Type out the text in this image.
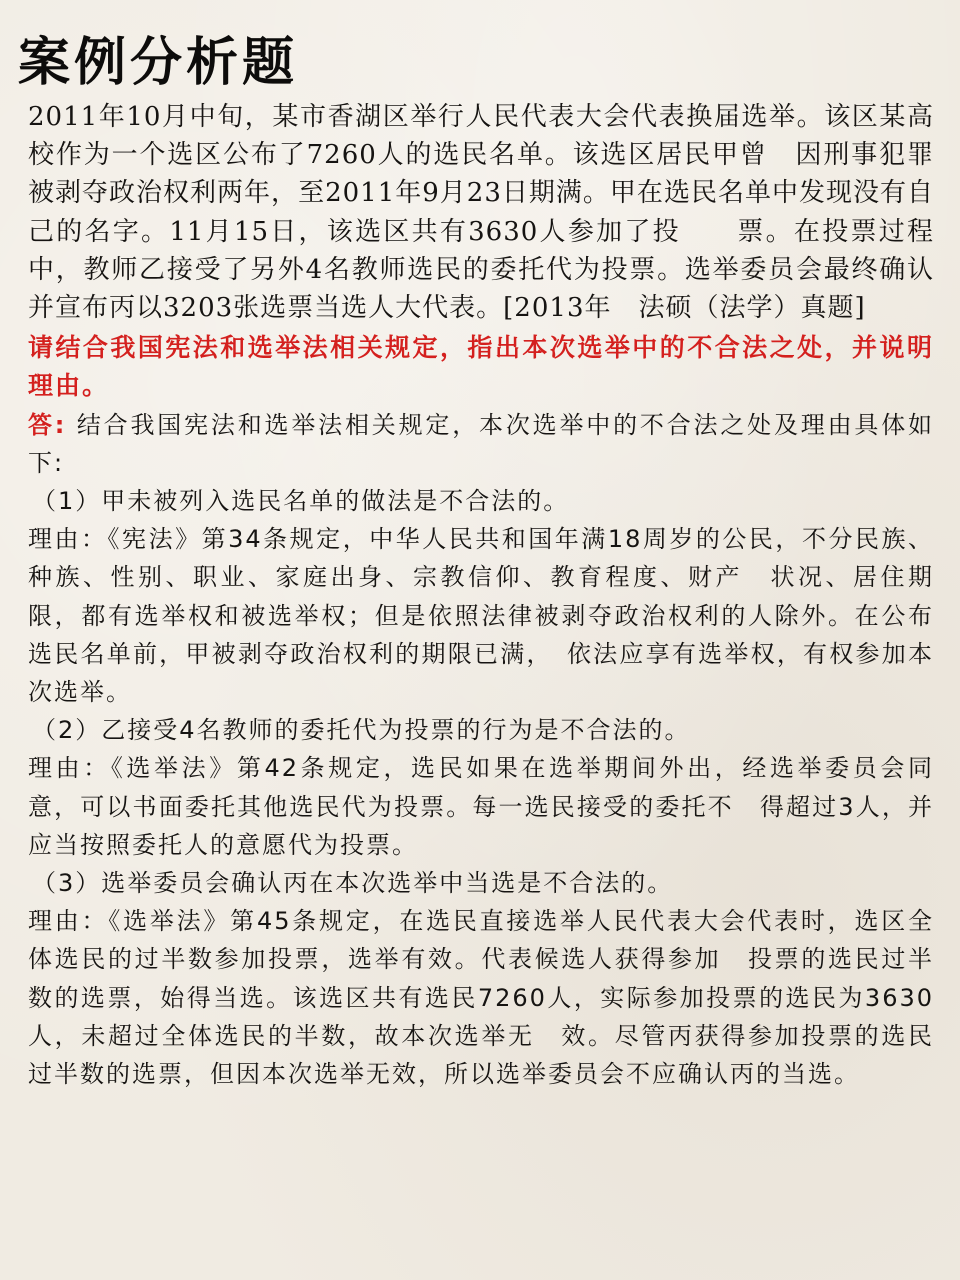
案例分析题

2011年10月中旬，某市香湖区举行人民代表大会代表换届选举。该区某高校作为一个选区公布了7260人的选民名单。该选区居民甲曾　因刑事犯罪被剥夺政治权利两年，至2011年9月23日期满。甲在选民名单中发现没有自己的名字。11月15日，该选区共有3630人参加了投　　票。在投票过程中，教师乙接受了另外4名教师选民的委托代为投票。选举委员会最终确认并宣布丙以3203张选票当选人大代表。[2013年　法硕（法学）真题]

请结合我国宪法和选举法相关规定，指出本次选举中的不合法之处，并说明理由。

答: 结合我国宪法和选举法相关规定，本次选举中的不合法之处及理由具体如下:

（1）甲未被列入选民名单的做法是不合法的。

理由：《宪法》第34条规定，中华人民共和国年满18周岁的公民，不分民族、种族、性别、职业、家庭出身、宗教信仰、教育程度、财产　状况、居住期限，都有选举权和被选举权；但是依照法律被剥夺政治权利的人除外。在公布选民名单前，甲被剥夺政治权利的期限已满，　依法应享有选举权，有权参加本次选举。

（2）乙接受4名教师的委托代为投票的行为是不合法的。

理由：《选举法》第42条规定，选民如果在选举期间外出，经选举委员会同意，可以书面委托其他选民代为投票。每一选民接受的委托不　得超过3人，并应当按照委托人的意愿代为投票。

（3）选举委员会确认丙在本次选举中当选是不合法的。

理由：《选举法》第45条规定，在选民直接选举人民代表大会代表时，选区全体选民的过半数参加投票，选举有效。代表候选人获得参加　投票的选民过半数的选票，始得当选。该选区共有选民7260人，实际参加投票的选民为3630人，未超过全体选民的半数，故本次选举无　效。尽管丙获得参加投票的选民过半数的选票，但因本次选举无效，所以选举委员会不应确认丙的当选。
